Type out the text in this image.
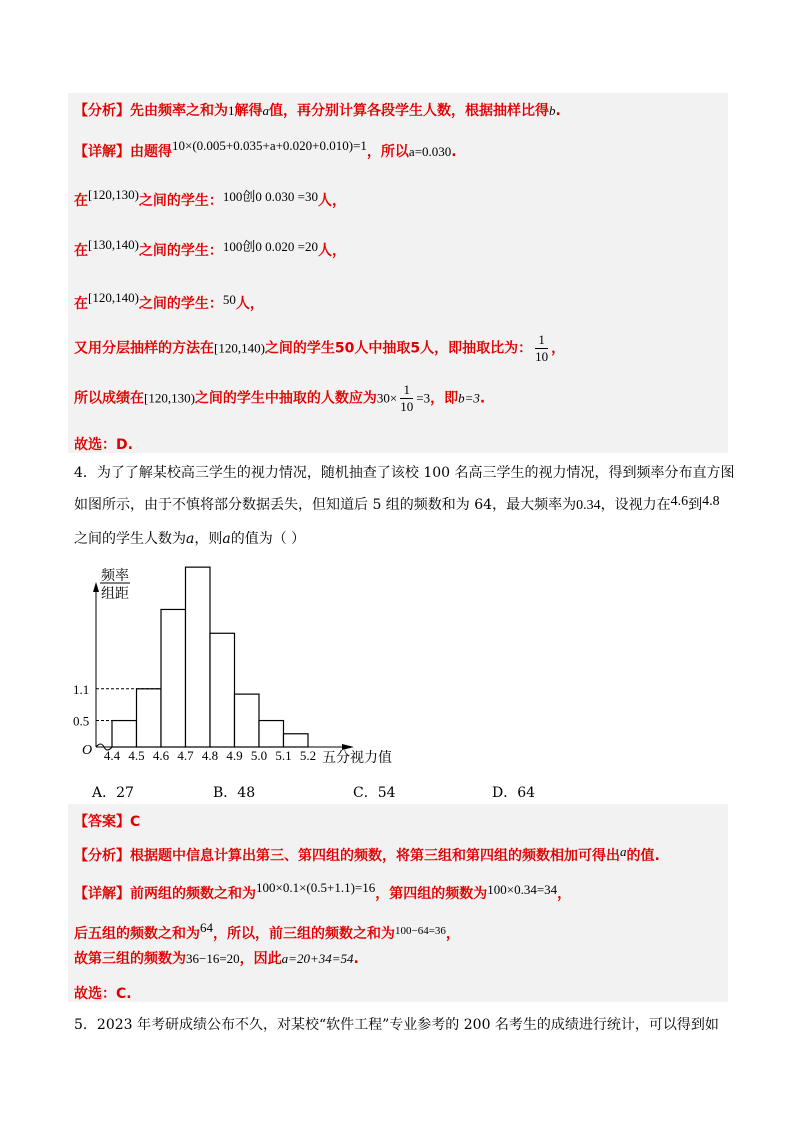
【分析】先由频率之和为1解得a值，再分别计算各段学生人数，根据抽样比得b.
【详解】由题得10×(0.005+0.035+a+0.020+0.010)=1，所以a=0.030.
在[120,130)之间的学生：100创0 0.030 =30人，
在[130,140)之间的学生：100创0 0.020 =20人，
在[120,140)之间的学生：50人，
又用分层抽样的方法在[120,140)之间的学生50人中抽取5人，即抽取比为： $\frac{1}{10}$ ，
所以成绩在[120,130)之间的学生中抽取的人数应为$30\times \frac{1}{10} =3$，即b=3.
故选：D.
4．为了了解某校高三学生的视力情况，随机抽查了该校 100 名高三学生的视力情况，得到频率分布直方图
如图所示，由于不慎将部分数据丢失，但知道后 5 组的频数和为 64，最大频率为0.34，设视力在4.6到4.8
之间的学生人数为a，则a的值为（ ）
频率
组距
O
0.5
1.1
4.4 4.5 4.6 4.7 4.8 4.9 5.0 5.1 5.2 五分视力值
A．27	B．48	C．54	D．64
【答案】C
【分析】根据题中信息计算出第三、第四组的频数，将第三组和第四组的频数相加可得出a的值.
【详解】前两组的频数之和为100×0.1×(0.5+1.1)=16，第四组的频数为100×0.34=34，
后五组的频数之和为64，所以，前三组的频数之和为$^{100-64=36}$，
故第三组的频数为36−16=20，因此a=20+34=54.
故选：C.
5．2023 年考研成绩公布不久，对某校“软件工程”专业参考的 200 名考生的成绩进行统计，可以得到如
